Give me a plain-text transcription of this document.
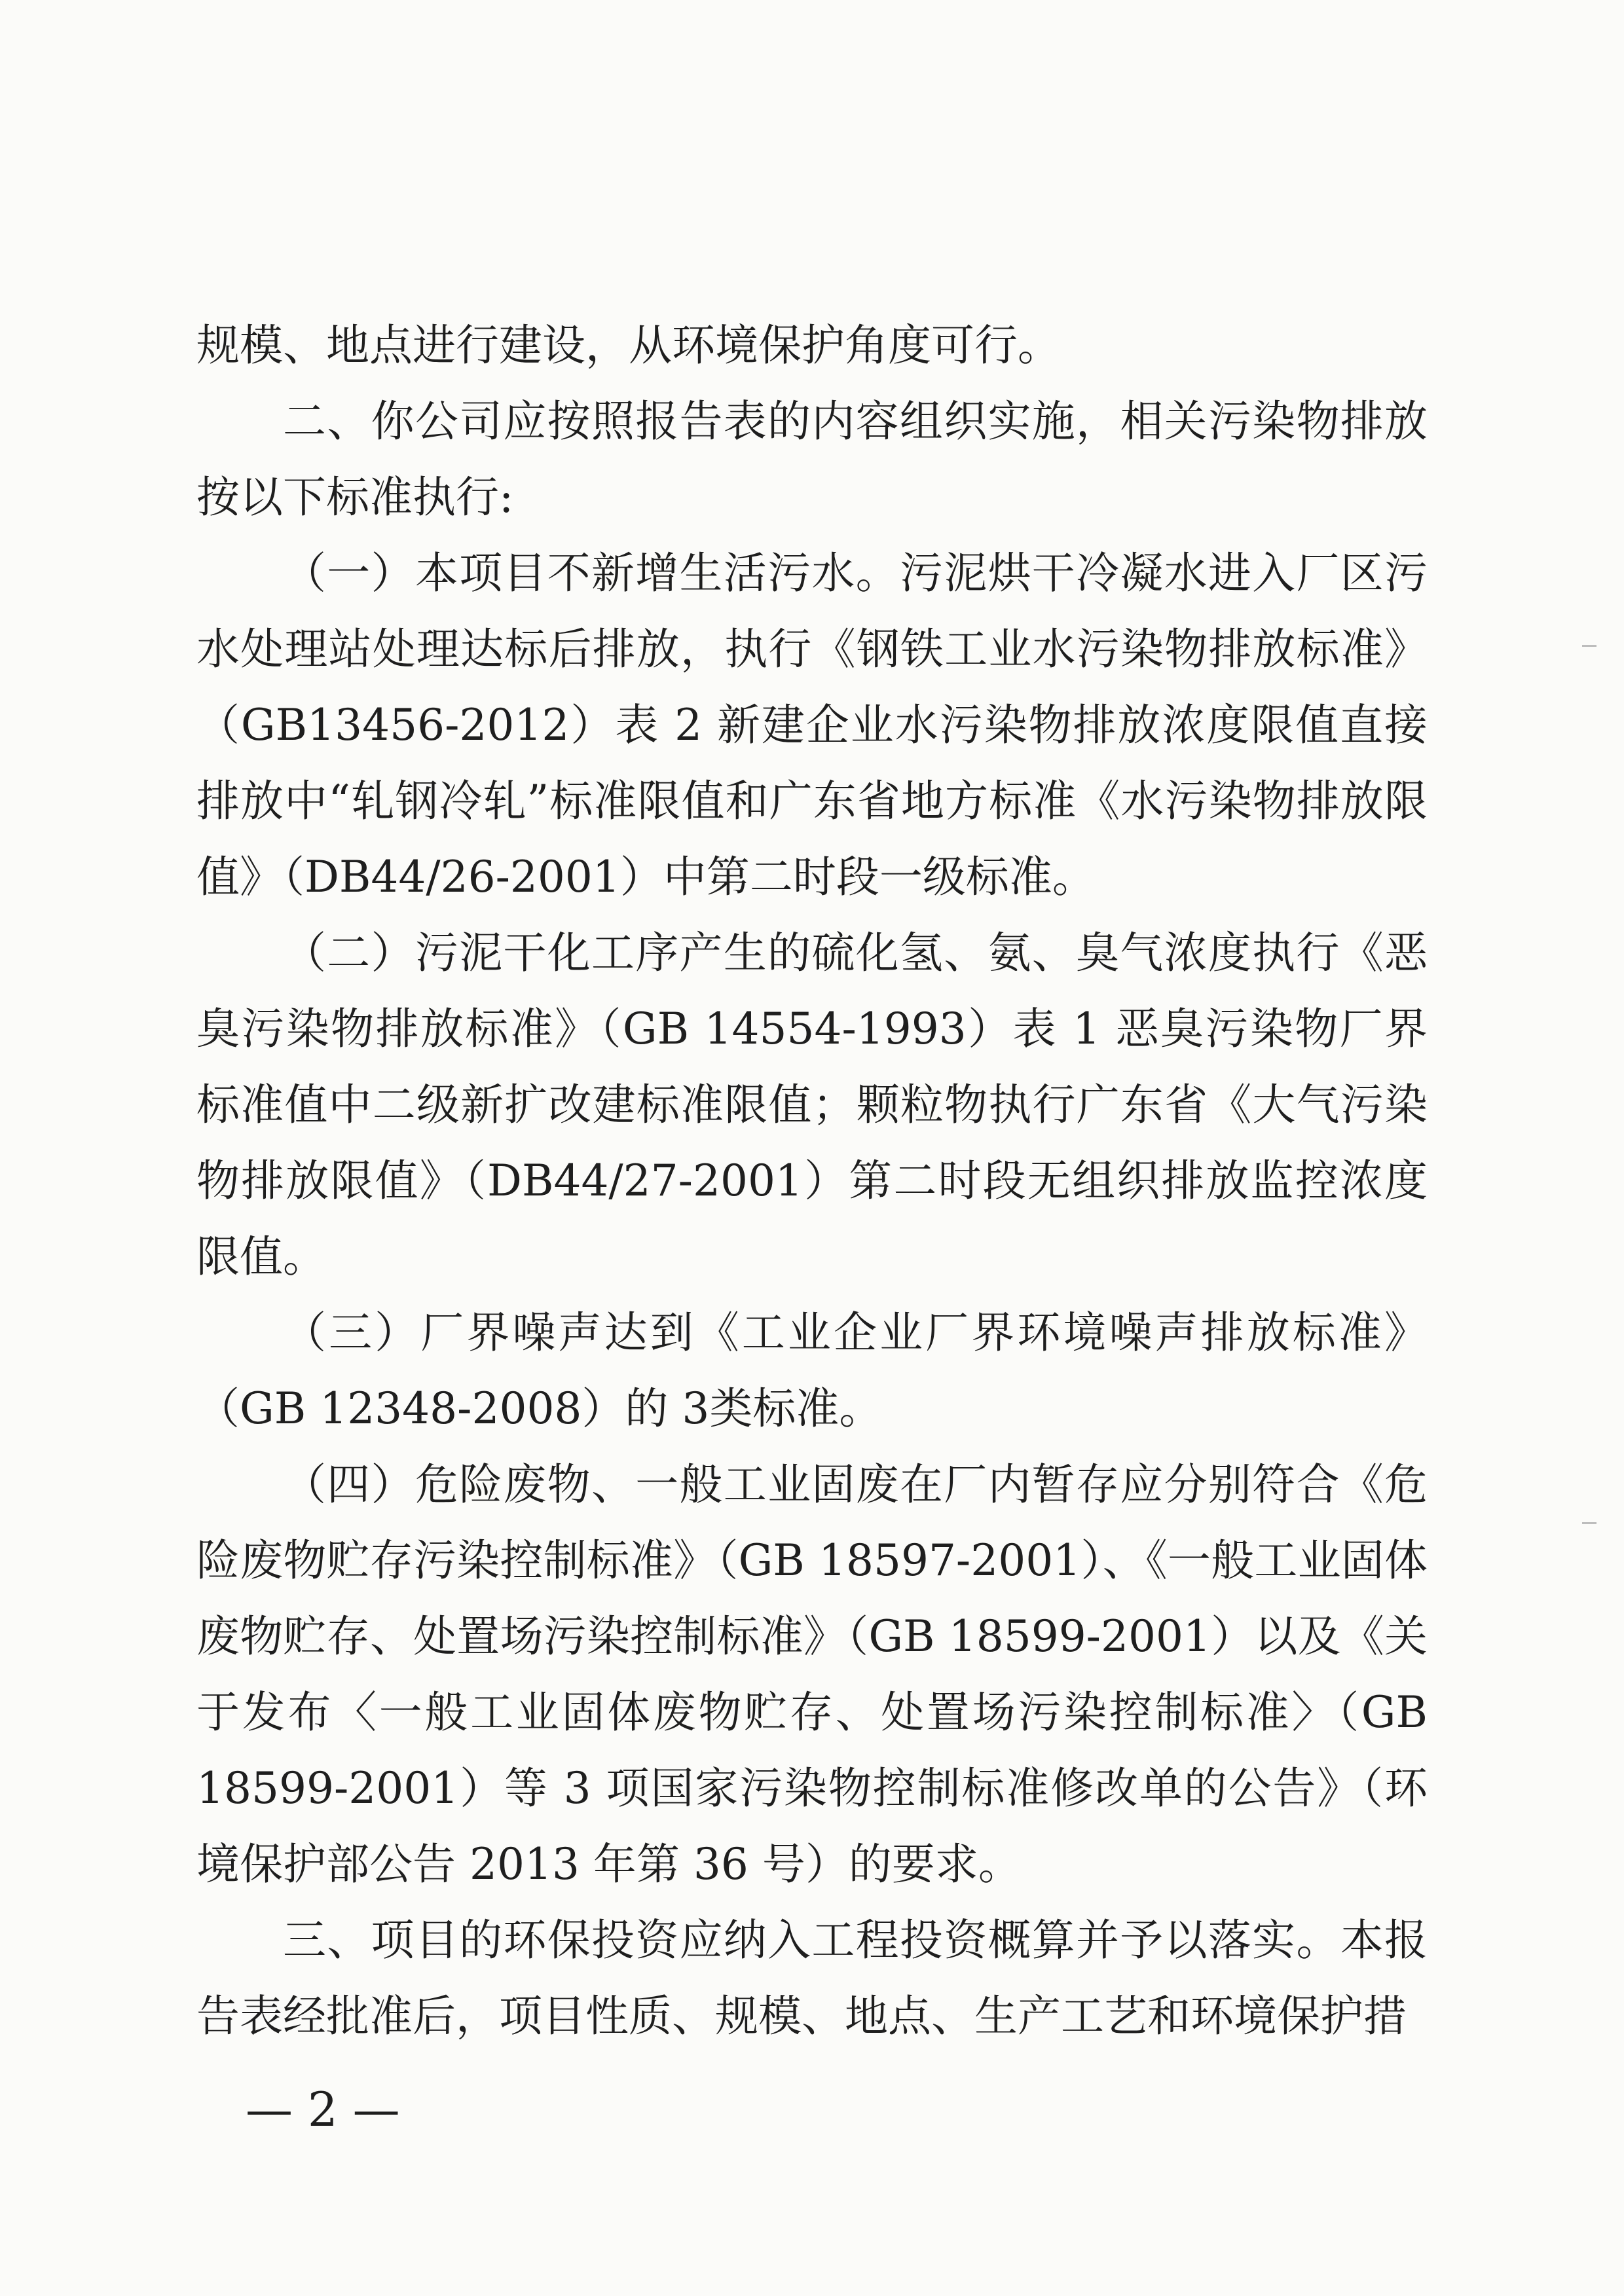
规模、地点进行建设，从环境保护角度可行。

二、你公司应按照报告表的内容组织实施，相关污染物排放按以下标准执行:

（一）本项目不新增生活污水。污泥烘干冷凝水进入厂区污水处理站处理达标后排放，执行《钢铁工业水污染物排放标准》（GB13456-2012）表 2 新建企业水污染物排放浓度限值直接排放中“轧钢冷轧”标准限值和广东省地方标准《水污染物排放限值》（DB44/26-2001）中第二时段一级标准。

（二）污泥干化工序产生的硫化氢、氨、臭气浓度执行《恶臭污染物排放标准》（GB 14554-1993）表 1 恶臭污染物厂界标准值中二级新扩改建标准限值；颗粒物执行广东省《大气污染物排放限值》（DB44/27-2001）第二时段无组织排放监控浓度限值。

（三）厂界噪声达到《工业企业厂界环境噪声排放标准》（GB 12348-2008）的 3类标准。

（四）危险废物、一般工业固废在厂内暂存应分别符合《危险废物贮存污染控制标准》（GB 18597-2001）、《一般工业固体废物贮存、处置场污染控制标准》（GB 18599-2001）以及《关于发布〈一般工业固体废物贮存、处置场污染控制标准〉（GB 18599-2001）等 3 项国家污染物控制标准修改单的公告》（环境保护部公告 2013 年第 36 号）的要求。

三、项目的环保投资应纳入工程投资概算并予以落实。本报告表经批准后，项目性质、规模、地点、生产工艺和环境保护措

— 2 —
